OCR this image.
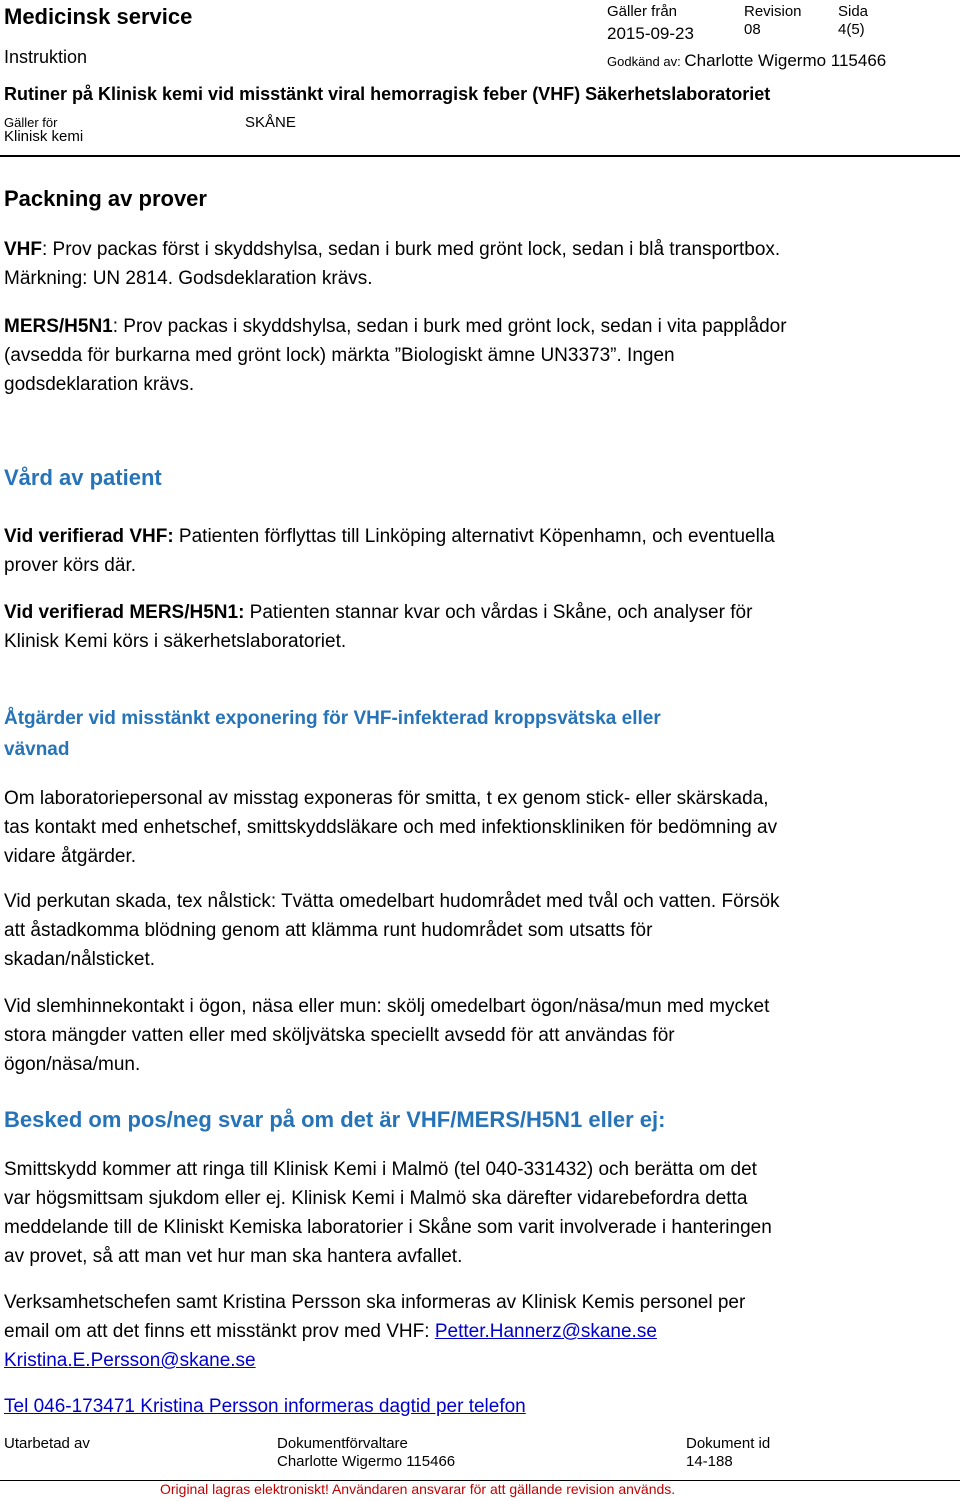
Medicinsk service
Instruktion
Gäller från
2015-09-23
Revision
08
Sida
4(5)
Godkänd av: Charlotte Wigermo 115466
Rutiner på Klinisk kemi vid misstänkt viral hemorragisk feber (VHF) Säkerhetslaboratoriet
Gäller för
Klinisk kemi
SKÅNE
Packning av prover
VHF: Prov packas först i skyddshylsa, sedan i burk med grönt lock, sedan i blå transportbox.
Märkning: UN 2814. Godsdeklaration krävs.
MERS/H5N1: Prov packas i skyddshylsa, sedan i burk med grönt lock, sedan i vita papplådor
(avsedda för burkarna med grönt lock) märkta ”Biologiskt ämne UN3373”. Ingen
godsdeklaration krävs.
Vård av patient
Vid verifierad VHF: Patienten förflyttas till Linköping alternativt Köpenhamn, och eventuella
prover körs där.
Vid verifierad MERS/H5N1: Patienten stannar kvar och vårdas i Skåne, och analyser för
Klinisk Kemi körs i säkerhetslaboratoriet.
Åtgärder vid misstänkt exponering för VHF-infekterad kroppsvätska eller
vävnad
Om laboratoriepersonal av misstag exponeras för smitta, t ex genom stick- eller skärskada,
tas kontakt med enhetschef, smittskyddsläkare och med infektionskliniken för bedömning av
vidare åtgärder.
Vid perkutan skada, tex nålstick: Tvätta omedelbart hudområdet med tvål och vatten. Försök
att åstadkomma blödning genom att klämma runt hudområdet som utsatts för
skadan/nålsticket.
Vid slemhinnekontakt i ögon, näsa eller mun: skölj omedelbart ögon/näsa/mun med mycket
stora mängder vatten eller med sköljvätska speciellt avsedd för att användas för
ögon/näsa/mun.
Besked om pos/neg svar på om det är VHF/MERS/H5N1 eller ej:
Smittskydd kommer att ringa till Klinisk Kemi i Malmö (tel 040-331432) och berätta om det
var högsmittsam sjukdom eller ej. Klinisk Kemi i Malmö ska därefter vidarebefordra detta
meddelande till de Kliniskt Kemiska laboratorier i Skåne som varit involverade i hanteringen
av provet, så att man vet hur man ska hantera avfallet.
Verksamhetschefen samt Kristina Persson ska informeras av Klinisk Kemis personel per
email om att det finns ett misstänkt prov med VHF: Petter.Hannerz@skane.se
Kristina.E.Persson@skane.se
Tel 046-173471 Kristina Persson informeras dagtid per telefon
Utarbetad av	Dokumentförvaltare
Charlotte Wigermo 115466
Dokument id
14-188
Original lagras elektroniskt! Användaren ansvarar för att gällande revision används.
